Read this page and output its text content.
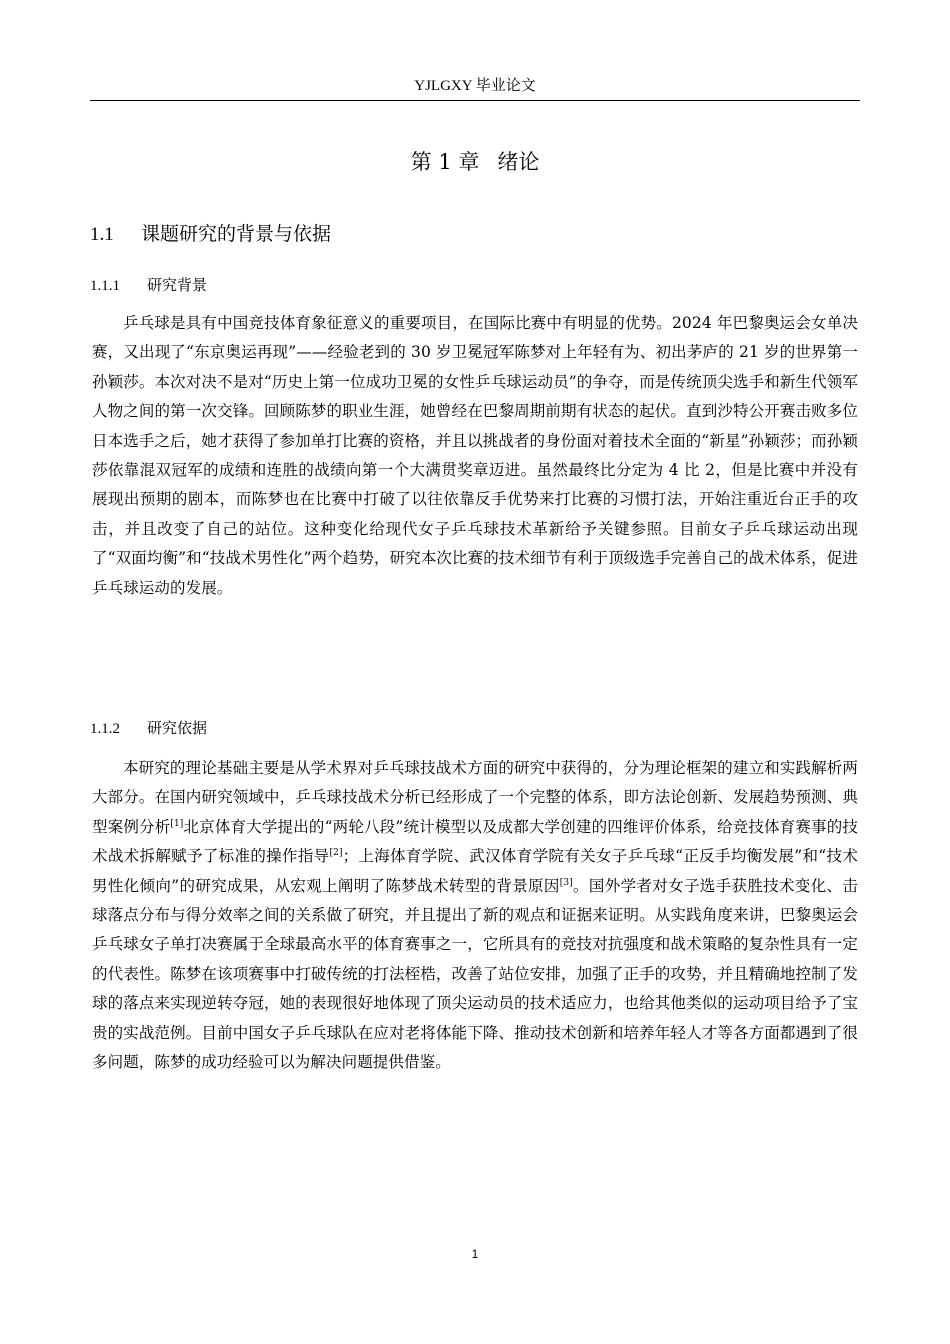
YJLGXY 毕业论文
第 1 章 绪论
1.1 课题研究的背景与依据
1.1.1 研究背景

乒乓球是具有中国竞技体育象征意义的重要项目，在国际比赛中有明显的优势。2024 年巴黎奥运会女单决赛，又出现了“东京奥运再现”——经验老到的 30 岁卫冕冠军陈梦对上年轻有为、初出茅庐的 21 岁的世界第一孙颖莎。本次对决不是对“历史上第一位成功卫冕的女性乒乓球运动员”的争夺，而是传统顶尖选手和新生代领军人物之间的第一次交锋。回顾陈梦的职业生涯，她曾经在巴黎周期前期有状态的起伏。直到沙特公开赛击败多位日本选手之后，她才获得了参加单打比赛的资格，并且以挑战者的身份面对着技术全面的“新星”孙颖莎；而孙颖莎依靠混双冠军的成绩和连胜的战绩向第一个大满贯奖章迈进。虽然最终比分定为 4 比 2，但是比赛中并没有展现出预期的剧本，而陈梦也在比赛中打破了以往依靠反手优势来打比赛的习惯打法，开始注重近台正手的攻击，并且改变了自己的站位。这种变化给现代女子乒乓球技术革新给予关键参照。目前女子乒乓球运动出现了“双面均衡”和“技战术男性化”两个趋势，研究本次比赛的技术细节有利于顶级选手完善自己的战术体系，促进乒乓球运动的发展。

1.1.2 研究依据

本研究的理论基础主要是从学术界对乒乓球技战术方面的研究中获得的，分为理论框架的建立和实践解析两大部分。在国内研究领域中，乒乓球技战术分析已经形成了一个完整的体系，即方法论创新、发展趋势预测、典型案例分析[1]北京体育大学提出的“两轮八段”统计模型以及成都大学创建的四维评价体系，给竞技体育赛事的技术战术拆解赋予了标准的操作指导[2]；上海体育学院、武汉体育学院有关女子乒乓球“正反手均衡发展”和“技术男性化倾向”的研究成果，从宏观上阐明了陈梦战术转型的背景原因[3]。国外学者对女子选手获胜技术变化、击球落点分布与得分效率之间的关系做了研究，并且提出了新的观点和证据来证明。从实践角度来讲，巴黎奥运会乒乓球女子单打决赛属于全球最高水平的体育赛事之一，它所具有的竞技对抗强度和战术策略的复杂性具有一定的代表性。陈梦在该项赛事中打破传统的打法桎梏，改善了站位安排，加强了正手的攻势，并且精确地控制了发球的落点来实现逆转夺冠，她的表现很好地体现了顶尖运动员的技术适应力，也给其他类似的运动项目给予了宝贵的实战范例。目前中国女子乒乓球队在应对老将体能下降、推动技术创新和培养年轻人才等各方面都遇到了很多问题，陈梦的成功经验可以为解决问题提供借鉴。

1
